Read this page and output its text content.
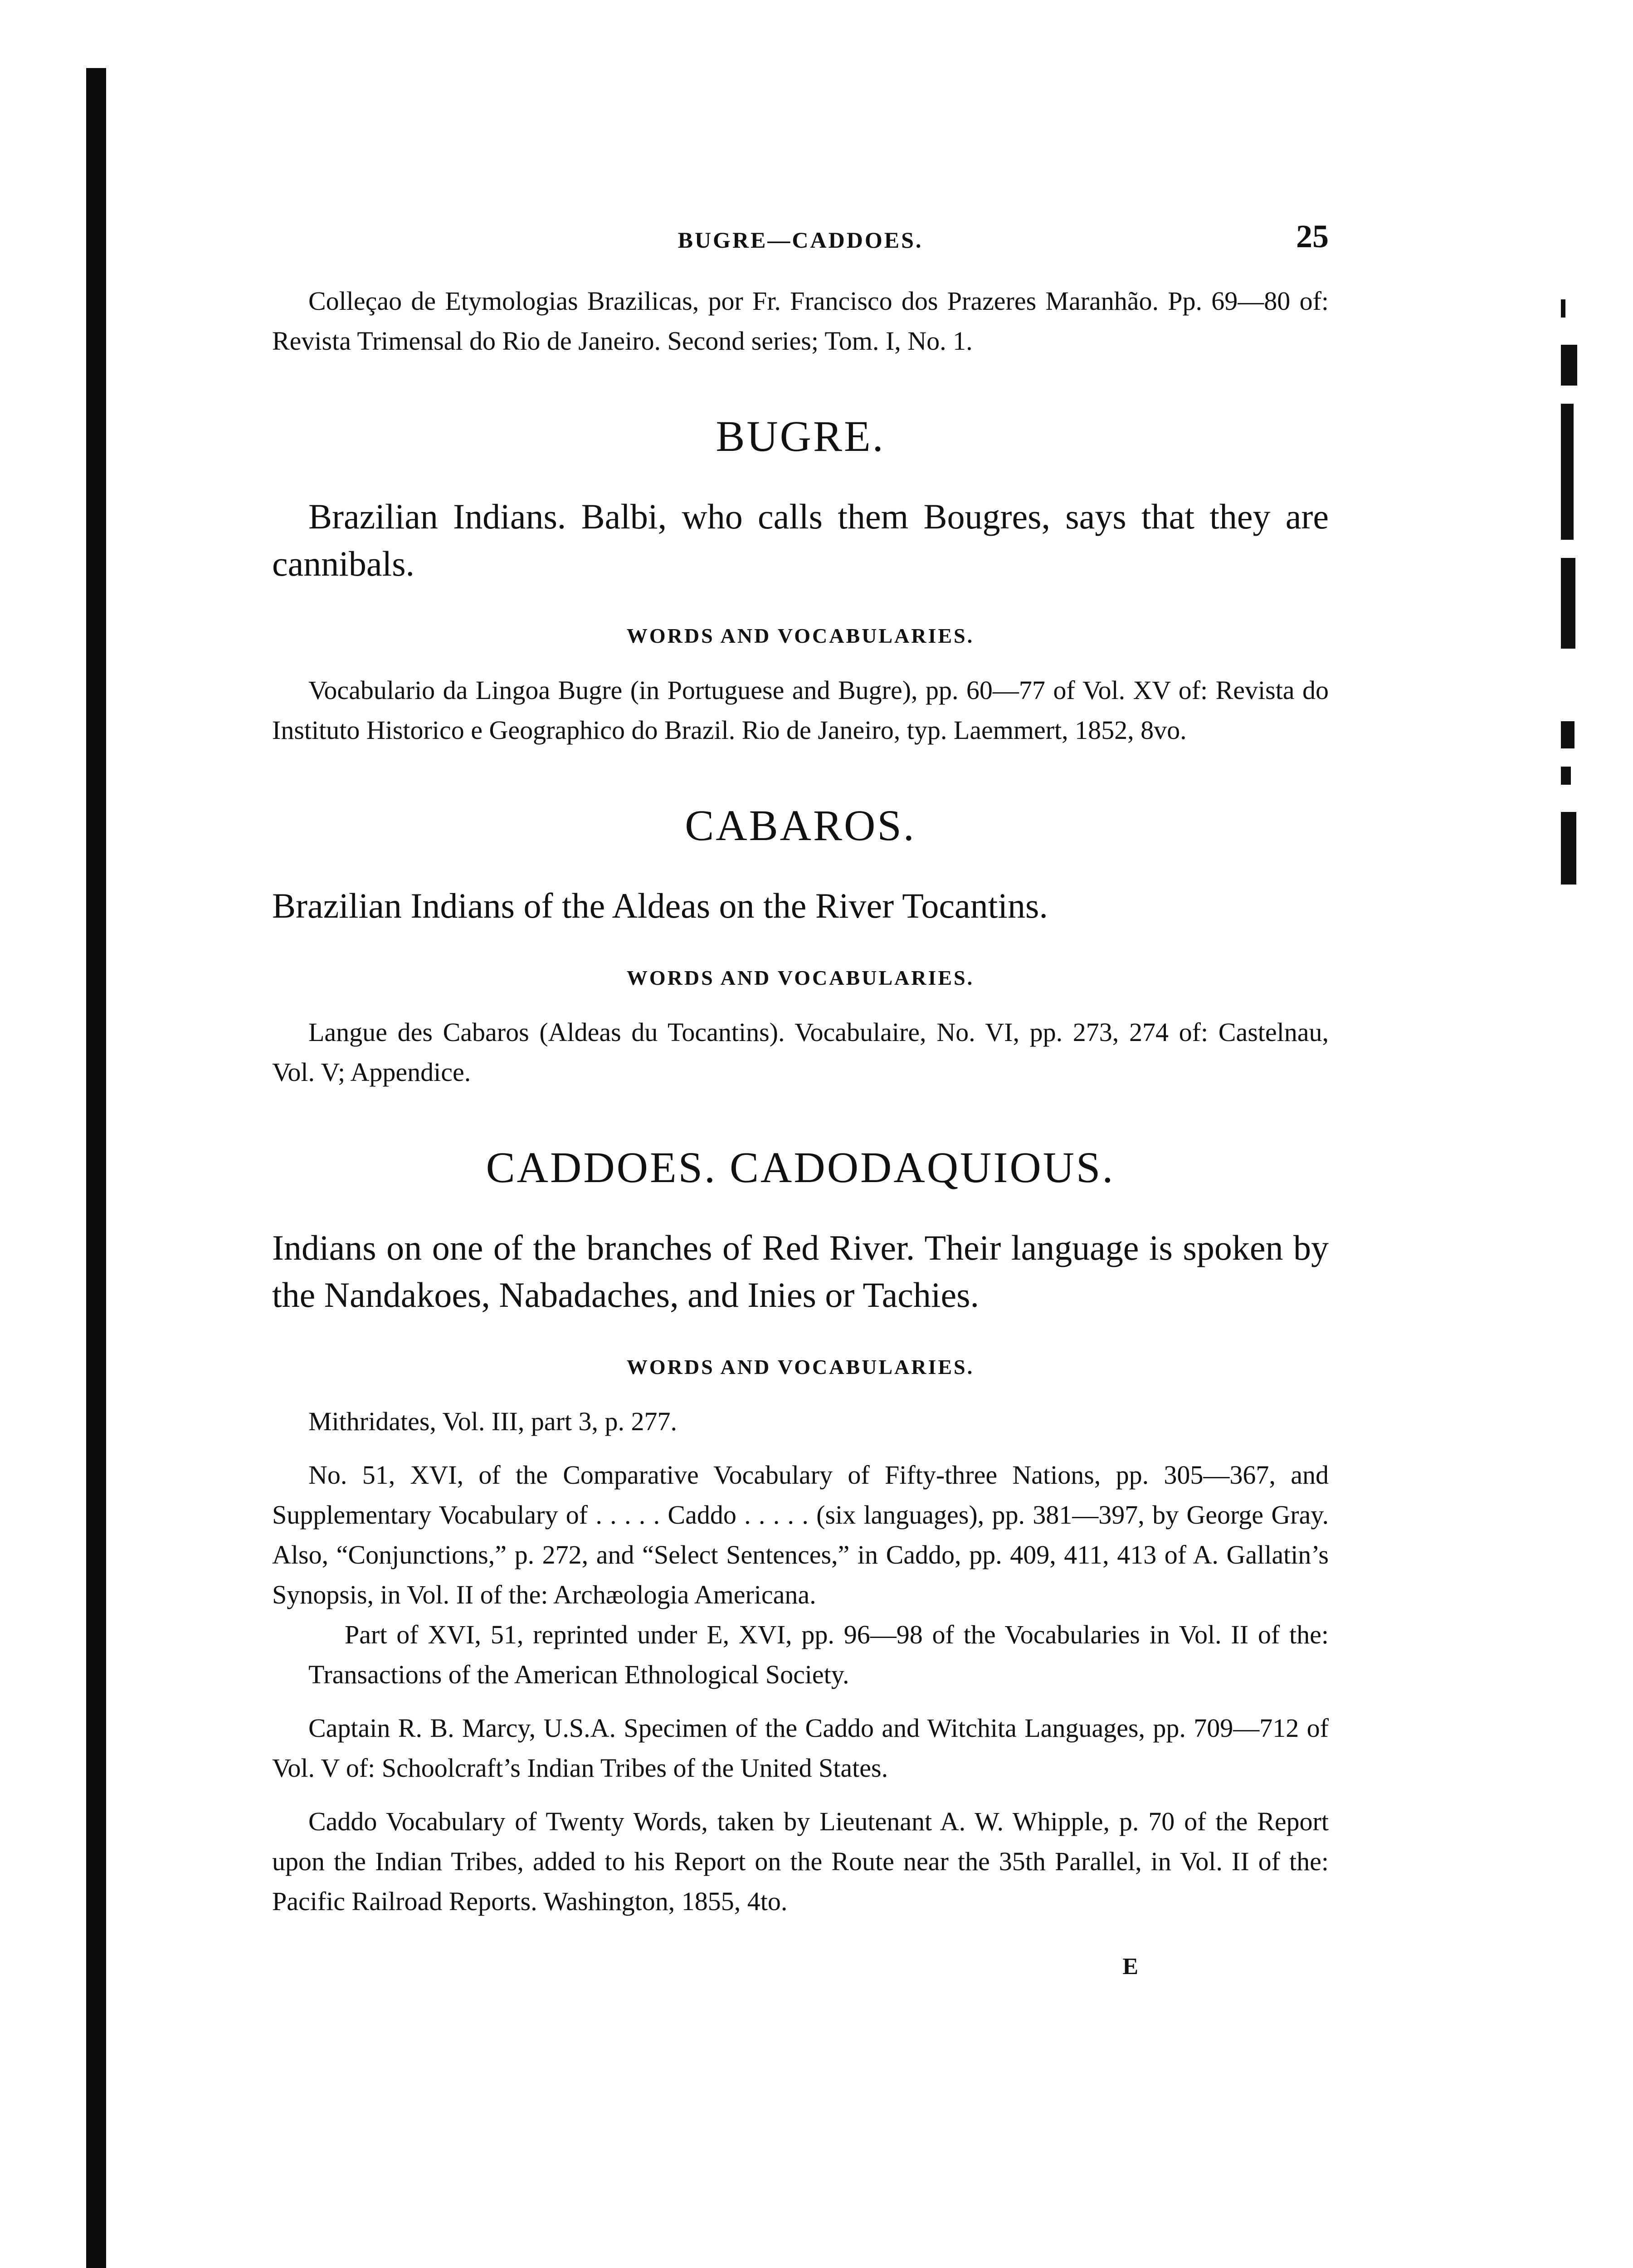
BUGRE—CADDOES.	25

Colleçao de Etymologias Brazilicas, por Fr. Francisco dos Prazeres Maranhão. Pp. 69—80 of: Revista Trimensal do Rio de Janeiro. Second series; Tom. I, No. 1.

BUGRE.

Brazilian Indians. Balbi, who calls them Bougres, says that they are cannibals.

WORDS AND VOCABULARIES.

Vocabulario da Lingoa Bugre (in Portuguese and Bugre), pp. 60—77 of Vol. XV of: Revista do Instituto Historico e Geographico do Brazil. Rio de Janeiro, typ. Laemmert, 1852, 8vo.

CABAROS.

Brazilian Indians of the Aldeas on the River Tocantins.

WORDS AND VOCABULARIES.

Langue des Cabaros (Aldeas du Tocantins). Vocabulaire, No. VI, pp. 273, 274 of: Castelnau, Vol. V; Appendice.

CADDOES. CADODAQUIOUS.

Indians on one of the branches of Red River. Their language is spoken by the Nandakoes, Nabadaches, and Inies or Tachies.

WORDS AND VOCABULARIES.

Mithridates, Vol. III, part 3, p. 277.

No. 51, XVI, of the Comparative Vocabulary of Fifty-three Nations, pp. 305—367, and Supplementary Vocabulary of . . . . . Caddo . . . . . (six languages), pp. 381—397, by George Gray. Also, “Conjunctions,” p. 272, and “Select Sentences,” in Caddo, pp. 409, 411, 413 of A. Gallatin’s Synopsis, in Vol. II of the: Archæologia Americana.

Part of XVI, 51, reprinted under E, XVI, pp. 96—98 of the Vocabularies in Vol. II of the: Transactions of the American Ethnological Society.

Captain R. B. Marcy, U.S.A. Specimen of the Caddo and Witchita Languages, pp. 709—712 of Vol. V of: Schoolcraft’s Indian Tribes of the United States.

Caddo Vocabulary of Twenty Words, taken by Lieutenant A. W. Whipple, p. 70 of the Report upon the Indian Tribes, added to his Report on the Route near the 35th Parallel, in Vol. II of the: Pacific Railroad Reports. Washington, 1855, 4to.

E
